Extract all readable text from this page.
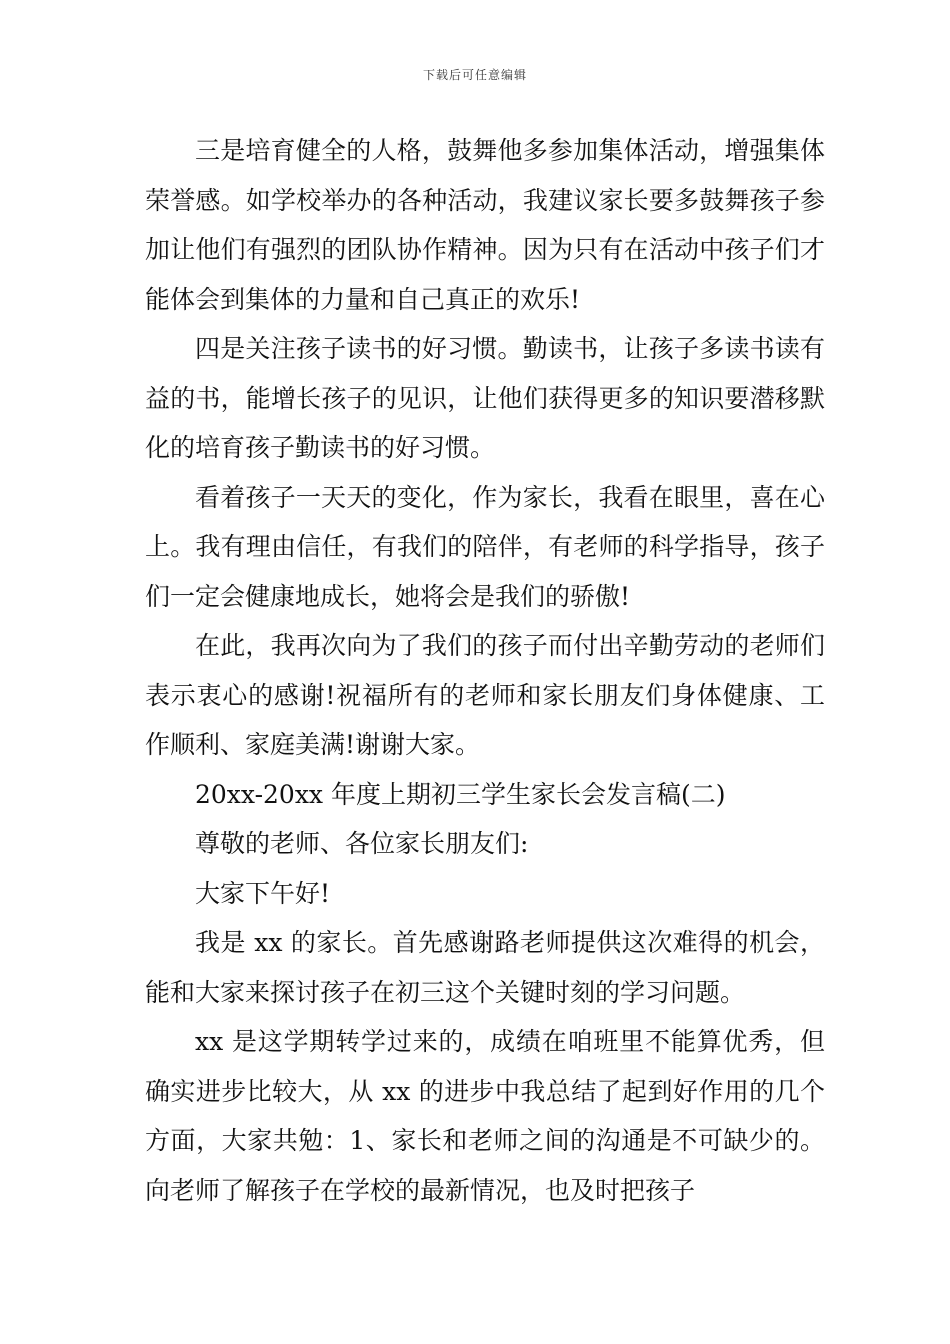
下载后可任意编辑

三是培育健全的人格，鼓舞他多参加集体活动，增强集体荣誉感。如学校举办的各种活动，我建议家长要多鼓舞孩子参加让他们有强烈的团队协作精神。因为只有在活动中孩子们才能体会到集体的力量和自己真正的欢乐!

四是关注孩子读书的好习惯。勤读书，让孩子多读书读有益的书，能增长孩子的见识，让他们获得更多的知识要潜移默化的培育孩子勤读书的好习惯。

看着孩子一天天的变化，作为家长，我看在眼里，喜在心上。我有理由信任，有我们的陪伴，有老师的科学指导，孩子们一定会健康地成长，她将会是我们的骄傲!

在此，我再次向为了我们的孩子而付出辛勤劳动的老师们表示衷心的感谢!祝福所有的老师和家长朋友们身体健康、工作顺利、家庭美满!谢谢大家。

20xx-20xx 年度上期初三学生家长会发言稿(二)

尊敬的老师、各位家长朋友们:

大家下午好!

我是 xx 的家长。首先感谢路老师提供这次难得的机会，能和大家来探讨孩子在初三这个关键时刻的学习问题。

xx 是这学期转学过来的，成绩在咱班里不能算优秀，但确实进步比较大，从 xx 的进步中我总结了起到好作用的几个方面，大家共勉：1、家长和老师之间的沟通是不可缺少的。向老师了解孩子在学校的最新情况，也及时把孩子
